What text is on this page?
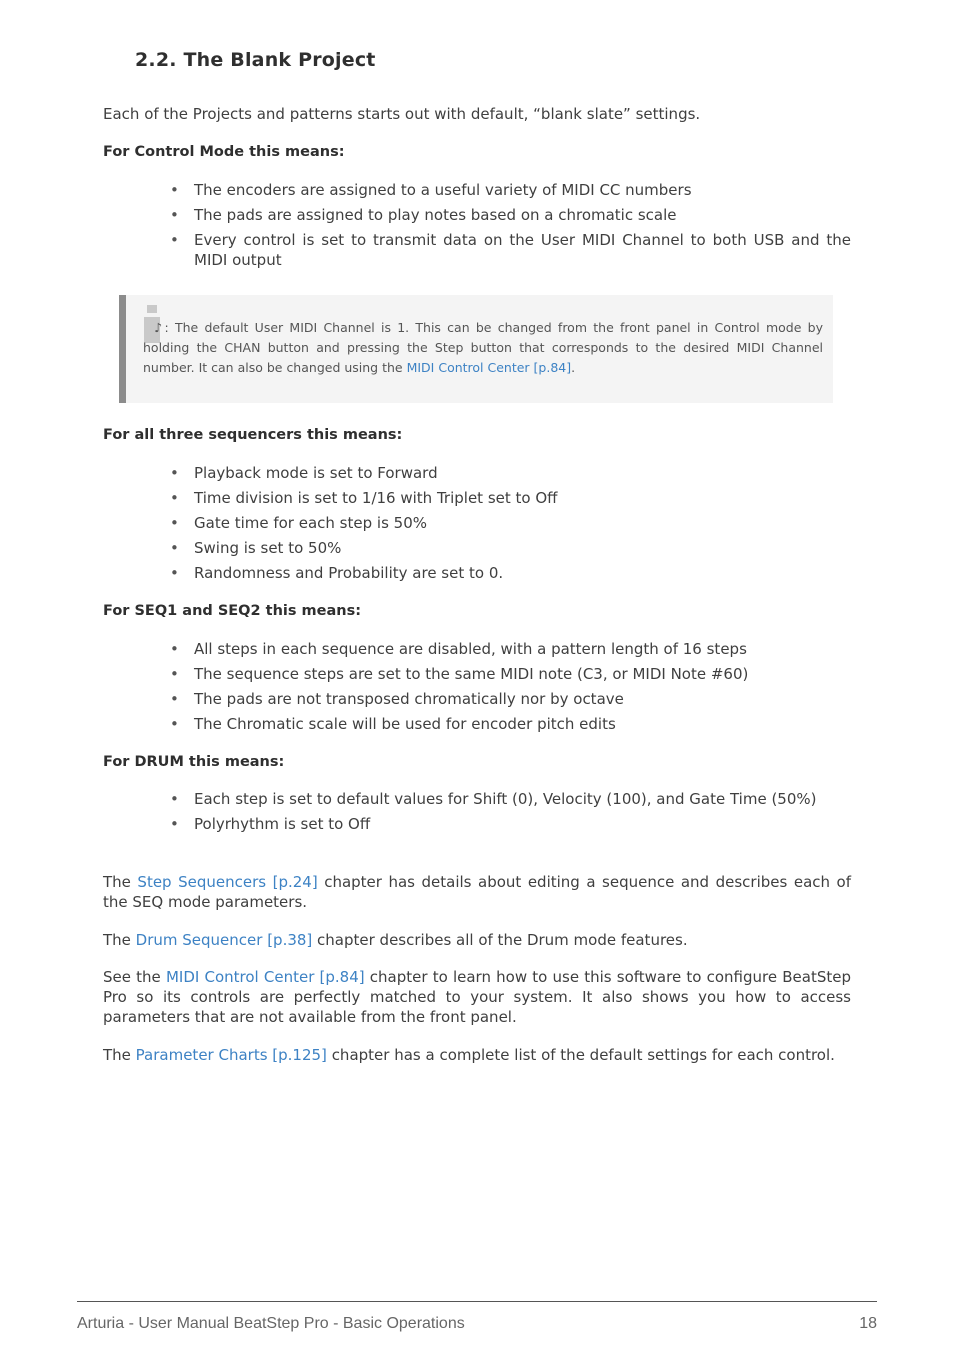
2.2. The Blank Project
Each of the Projects and patterns starts out with default, “blank slate” settings.
For Control Mode this means:
• The encoders are assigned to a useful variety of MIDI CC numbers
• The pads are assigned to play notes based on a chromatic scale
• Every control is set to transmit data on the User MIDI Channel to both USB and the MIDI output
♪: The default User MIDI Channel is 1. This can be changed from the front panel in Control mode by holding the CHAN button and pressing the Step button that corresponds to the desired MIDI Channel number. It can also be changed using the MIDI Control Center [p.84].
For all three sequencers this means:
• Playback mode is set to Forward
• Time division is set to 1/16 with Triplet set to Off
• Gate time for each step is 50%
• Swing is set to 50%
• Randomness and Probability are set to 0.
For SEQ1 and SEQ2 this means:
• All steps in each sequence are disabled, with a pattern length of 16 steps
• The sequence steps are set to the same MIDI note (C3, or MIDI Note #60)
• The pads are not transposed chromatically nor by octave
• The Chromatic scale will be used for encoder pitch edits
For DRUM this means:
• Each step is set to default values for Shift (0), Velocity (100), and Gate Time (50%)
• Polyrhythm is set to Off
The Step Sequencers [p.24] chapter has details about editing a sequence and describes each of the SEQ mode parameters.
The Drum Sequencer [p.38] chapter describes all of the Drum mode features.
See the MIDI Control Center [p.84] chapter to learn how to use this software to configure BeatStep Pro so its controls are perfectly matched to your system. It also shows you how to access parameters that are not available from the front panel.
The Parameter Charts [p.125] chapter has a complete list of the default settings for each control.
Arturia - User Manual BeatStep Pro - Basic Operations	18
